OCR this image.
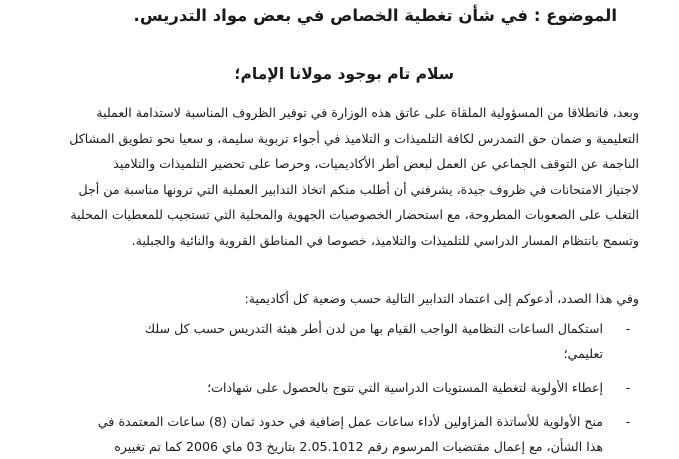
الموضوع : في شأن تغطية الخصاص في بعض مواد التدريس.
سلام تام بوجود مولانا الإمام؛
وبعد، فانطلاقا من المسؤولية الملقاة على عاتق هذه الوزارة في توفير الظروف المناسبة لاستدامة العملية
التعليمية و ضمان حق التمدرس لكافة التلميذات و التلاميذ في أجواء تربوية سليمة، و سعيا نحو تطويق المشاكل
الناجمة عن التوقف الجماعي عن العمل لبعض أطر الأكاديميات، وحرصا على تحضير التلميذات والتلاميذ
لاجتياز الامتحانات في ظروف جيدة، يشرفني أن أطلب منكم اتخاذ التدابير العملية التي ترونها مناسبة من أجل
التغلب على الصعوبات المطروحة، مع استحضار الخصوصيات الجهوية والمحلية التي تستجيب للمعطيات المحلية
وتسمح بانتظام المسار الدراسي للتلميذات والتلاميذ، خصوصا في المناطق القروية والنائية والجبلية.
وفي هذا الصدد، أدعوكم إلى اعتماد التدابير التالية حسب وضعية كل أكاديمية:
-
استكمال الساعات النظامية الواجب القيام بها من لدن أطر هيئة التدريس حسب كل سلك
تعليمي؛
-
إعطاء الأولوية لتغطية المستويات الدراسية التي تتوج بالحصول على شهادات؛
-
منح الأولوية للأساتذة المزاولين لأداء ساعات عمل إضافية في حدود ثمان (8) ساعات المعتمدة في
هذا الشأن، مع إعمال مقتضيات المرسوم رقم 2.05.1012 بتاريخ 03 ماي 2006 كما تم تغييره
